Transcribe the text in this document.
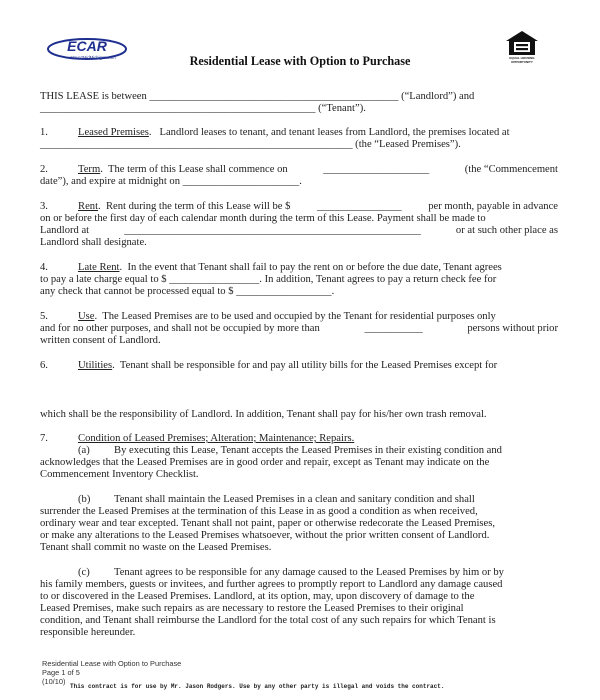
ECAR
Move2MidMichigan.com	Residential Lease with Option to Purchase	EQUAL HOUSING
OPPORTUNITY
THIS LEASE is between _______________________________________________ (“Landlord”) and
____________________________________________________ (“Tenant”).
1.	Leased Premises.   Landlord leases to tenant, and tenant leases from Landlord, the premises located at
___________________________________________________________ (the “Leased Premises”).
2.	Term.  The term of this Lease shall commence on	____________________	(the “Commencement
date”), and expire at midnight on ______________________.
3.	Rent.  Rent during the term of this Lease will be $	________________	per month, payable in advance
on or before the first day of each calendar month during the term of this Lease. Payment shall be made to
Landlord at	________________________________________________________	or at such other place as
Landlord shall designate.
4.	Late Rent.  In the event that Tenant shall fail to pay the rent on or before the due date, Tenant agrees
to pay a late charge equal to $ _________________. In addition, Tenant agrees to pay a return check fee for
any check that cannot be processed equal to $ __________________.
5.	Use.  The Leased Premises are to be used and occupied by the Tenant for residential purposes only
and for no other purposes, and shall not be occupied by more than	___________	persons without prior
written consent of Landlord.
6.	Utilities.  Tenant shall be responsible for and pay all utility bills for the Leased Premises except for
which shall be the responsibility of Landlord. In addition, Tenant shall pay for his/her own trash removal.
7.	Condition of Leased Premises; Alteration; Maintenance; Repairs.
(a) By executing this Lease, Tenant accepts the Leased Premises in their existing condition and
acknowledges that the Leased Premises are in good order and repair, except as Tenant may indicate on the
Commencement Inventory Checklist.
(b) Tenant shall maintain the Leased Premises in a clean and sanitary condition and shall
surrender the Leased Premises at the termination of this Lease in as good a condition as when received,
ordinary wear and tear excepted. Tenant shall not paint, paper or otherwise redecorate the Leased Premises,
or make any alterations to the Leased Premises whatsoever, without the prior written consent of Landlord.
Tenant shall commit no waste on the Leased Premises.
(c) Tenant agrees to be responsible for any damage caused to the Leased Premises by him or by
his family members, guests or invitees, and further agrees to promptly report to Landlord any damage caused
to or discovered in the Leased Premises. Landlord, at its option, may, upon discovery of damage to the
Leased Premises, make such repairs as are necessary to restore the Leased Premises to their original
condition, and Tenant shall reimburse the Landlord for the total cost of any such repairs for which Tenant is
responsible hereunder.
Residential Lease with Option to Purchase
Page 1 of 5
(10/10)
This contract is for use by Mr. Jason Rodgers. Use by any other party is illegal and voids the contract.
